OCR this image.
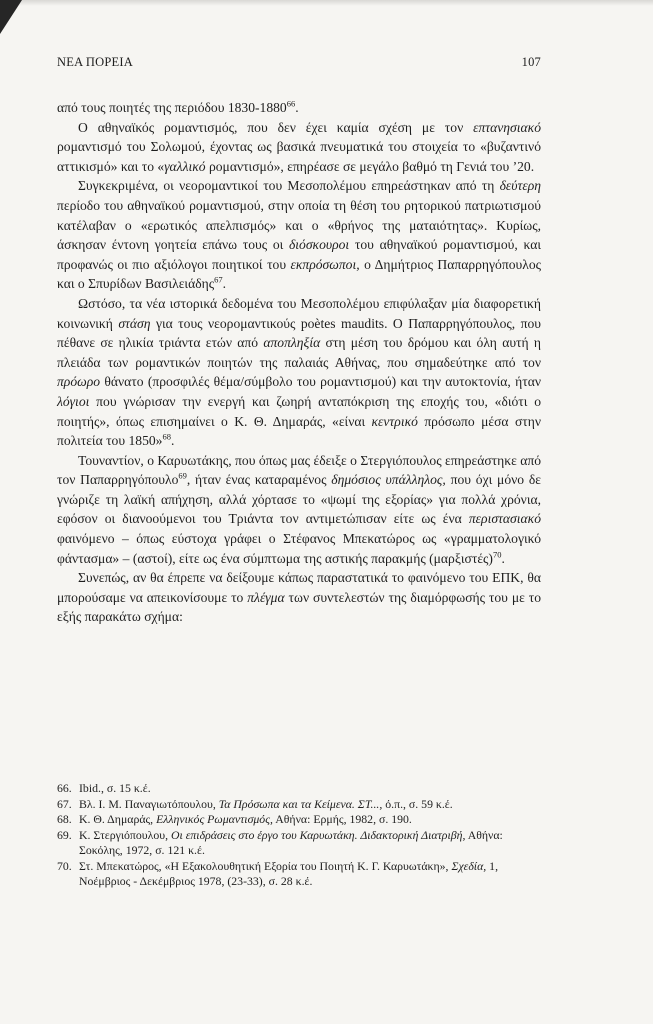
ΝΕΑ ΠΟΡΕΙΑ	107

από τους ποιητές της περιόδου 1830-1880$^{66}$.

Ο αθηναϊκός ρομαντισμός, που δεν έχει καμία σχέση με τον επτανησιακό ρομαντισμό του Σολωμού, έχοντας ως βασικά πνευματικά του στοιχεία το «βυζαντινό αττικισμό» και το «γαλλικό ρομαντισμό», επηρέασε σε μεγάλο βαθμό τη Γενιά του ’20.

Συγκεκριμένα, οι νεορομαντικοί του Μεσοπολέμου επηρεάστηκαν από τη δεύτερη περίοδο του αθηναϊκού ρομαντισμού, στην οποία τη θέση του ρητορικού πατριωτισμού κατέλαβαν ο «ερωτικός απελπισμός» και ο «θρήνος της ματαιότητας». Κυρίως, άσκησαν έντονη γοητεία επάνω τους οι διόσκουροι του αθηναϊκού ρομαντισμού, και προφανώς οι πιο αξιόλογοι ποιητικοί του εκπρόσωποι, ο Δημήτριος Παπαρρηγόπουλος και ο Σπυρίδων Βασιλειάδης$^{67}$.

Ωστόσο, τα νέα ιστορικά δεδομένα του Μεσοπολέμου επιφύλαξαν μία διαφορετική κοινωνική στάση για τους νεορομαντικούς poètes maudits. Ο Παπαρρηγόπουλος, που πέθανε σε ηλικία τριάντα ετών από αποπληξία στη μέση του δρόμου και όλη αυτή η πλειάδα των ρομαντικών ποιητών της παλαιάς Αθήνας, που σημαδεύτηκε από τον πρόωρο θάνατο (προσφιλές θέμα/σύμβολο του ρομαντισμού) και την αυτοκτονία, ήταν λόγιοι που γνώρισαν την ενεργή και ζωηρή ανταπόκριση της εποχής του, «διότι ο ποιητής», όπως επισημαίνει ο Κ. Θ. Δημαράς, «είναι κεντρικό πρόσωπο μέσα στην πολιτεία του 1850»$^{68}$.

Τουναντίον, ο Καρυωτάκης, που όπως μας έδειξε ο Στεργιόπουλος επηρεάστηκε από τον Παπαρρηγόπουλο$^{69}$, ήταν ένας καταραμένος δημόσιος υπάλληλος, που όχι μόνο δε γνώριζε τη λαϊκή απήχηση, αλλά χόρτασε το «ψωμί της εξορίας» για πολλά χρόνια, εφόσον οι διανοούμενοι του Τριάντα τον αντιμετώπισαν είτε ως ένα περιστασιακό φαινόμενο – όπως εύστοχα γράφει ο Στέφανος Μπεκατώρος ως «γραμματολογικό φάντασμα» – (αστοί), είτε ως ένα σύμπτωμα της αστικής παρακμής $(\mu\alpha\rho\xi\iota\sigma\tau έ\varsigma)^{70}$.

Συνεπώς, αν θα έπρεπε να δείξουμε κάπως παραστατικά το φαινόμενο του ΕΠΚ, θα μπορούσαμε να απεικονίσουμε το πλέγμα των συντελεστών της διαμόρφωσής του με το εξής παρακάτω σχήμα:

66. Ibid., σ. 15 κ.έ.
67. Βλ. Ι. Μ. Παναγιωτόπουλου, Τα Πρόσωπα και τα Κείμενα. ΣΤ..., ό.π., σ. 59 κ.έ.
68. Κ. Θ. Δημαράς, Ελληνικός Ρωμαντισμός, Αθήνα: Ερμής, 1982, σ. 190.
69. Κ. Στεργιόπουλου, Οι επιδράσεις στο έργο του Καρυωτάκη. Διδακτορική Διατριβή, Αθήνα: Σοκόλης, 1972, σ. 121 κ.έ.
70. Στ. Μπεκατώρος, «Η Εξακολουθητική Εξορία του Ποιητή Κ. Γ. Καρυωτάκη», Σχεδία, 1, Νοέμβριος - Δεκέμβριος 1978, (23-33), σ. 28 κ.έ.
